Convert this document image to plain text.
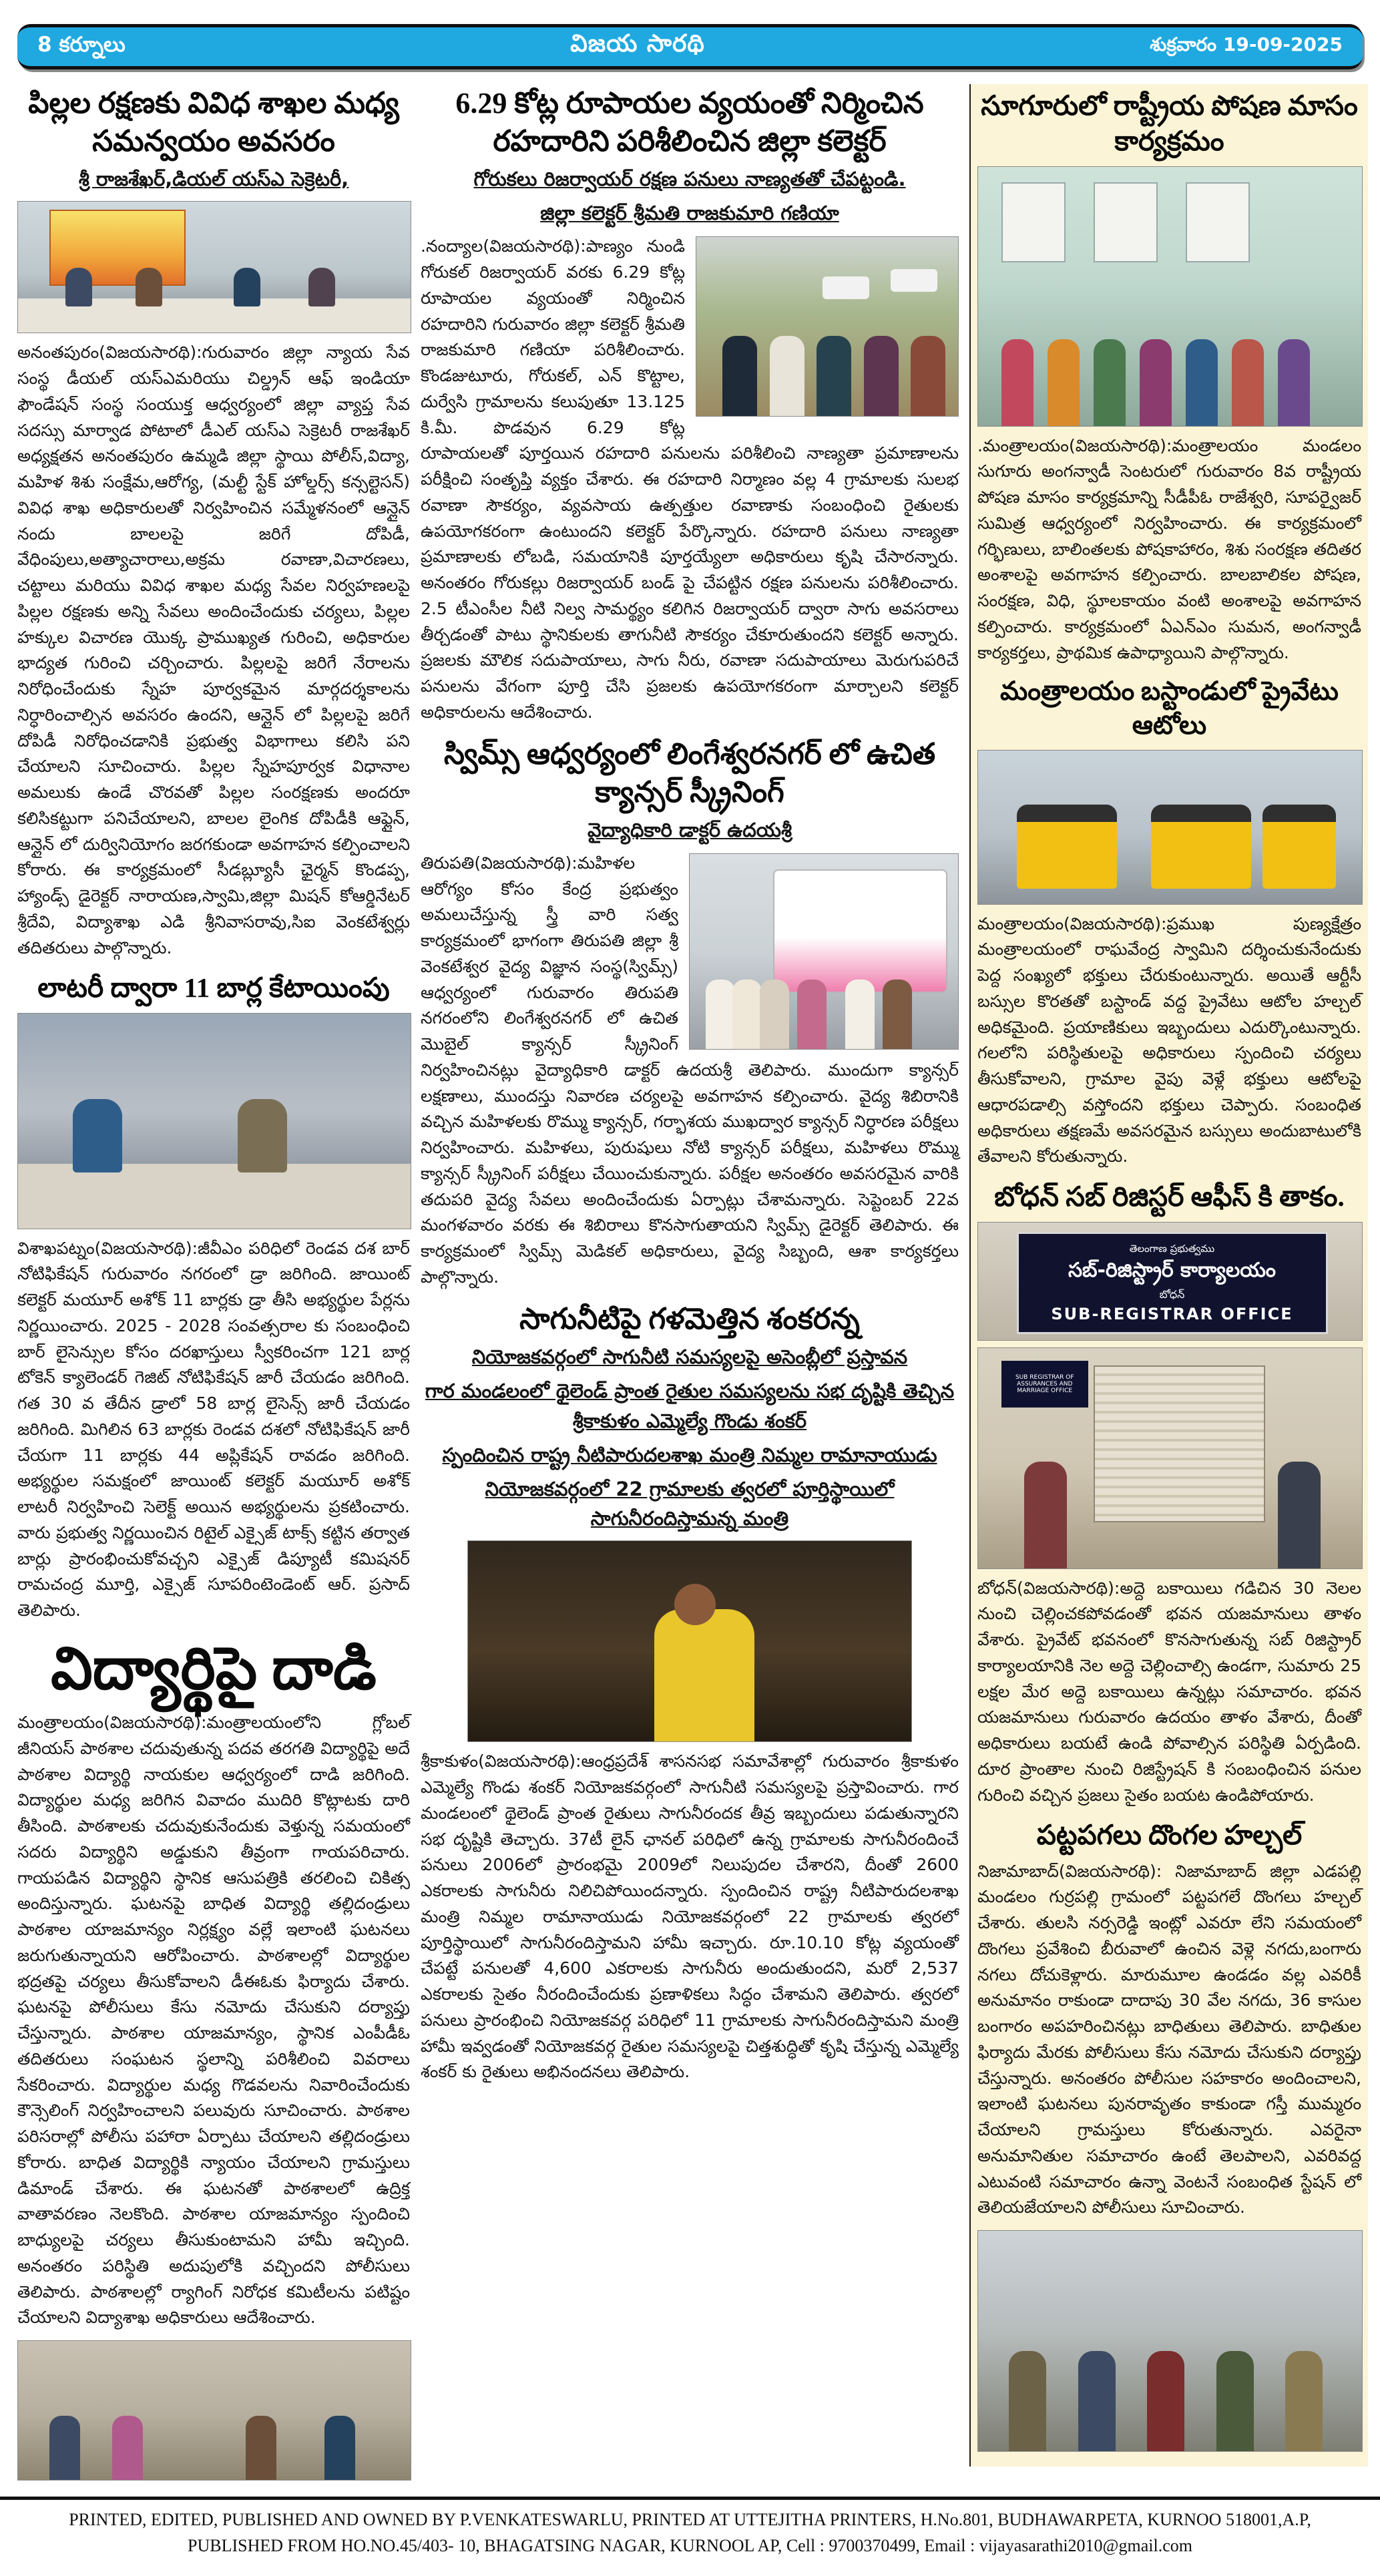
8 కర్నూలు	విజయ సారథి	శుక్రవారం 19-09-2025
పిల్లల రక్షణకు వివిధ శాఖల మధ్య సమన్వయం అవసరం
శ్రీ రాజశేఖర్,డియల్ యస్ఎ సెక్రెటరీ,
అనంతపురం(విజయసారథి):గురువారం జిల్లా న్యాయ సేవ సంస్థ డీయల్ యస్ఎమరియు చిల్డ్రన్ ఆఫ్ ఇండియా ఫౌండేషన్ సంస్థ సంయుక్త ఆధ్వర్యంలో జిల్లా వ్యాప్త సేవ సదస్సు మార్వాడ పోటాలో డీఎల్ యస్ఎ సెక్రెటరీ రాజశేఖర్ అధ్యక్షతన అనంతపురం ఉమ్మడి జిల్లా స్థాయి పోలీస్,విద్యా, మహిళ శిశు సంక్షేమ,ఆరోగ్య, (మల్టీ స్టేక్ హోల్డర్స్ కన్సల్టెసన్) వివిధ శాఖ అధికారులతో నిర్వహించిన సమ్మేళనంలో ఆన్లైన్ నందు బాలలపై జరిగే దోపిడీ, వేధింపులు,అత్యాచారాలు,అక్రమ రవాణా,విచారణలు, చట్టాలు మరియు వివిధ శాఖల మధ్య సేవల నిర్వహణలపై పిల్లల రక్షణకు అన్ని సేవలు అందించేందుకు చర్యలు, పిల్లల హక్కుల విచారణ యొక్క ప్రాముఖ్యత గురించి, అధికారుల భాద్యత గురించి చర్చించారు. పిల్లలపై జరిగే నేరాలను నిరోధించేందుకు స్నేహ పూర్వకమైన మార్గదర్శకాలను నిర్ధారించాల్సిన అవసరం ఉందని, ఆన్లైన్ లో పిల్లలపై జరిగే దోపిడీ నిరోధించడానికి ప్రభుత్వ విభాగాలు కలిసి పని చేయాలని సూచించారు. పిల్లల స్నేహపూర్వక విధానాల అమలుకు ఉండే చొరవతో పిల్లల సంరక్షణకు అందరూ కలిసికట్టుగా పనిచేయాలని, బాలల లైంగిక దోపిడీకి ఆఫ్లైన్, ఆన్లైన్ లో దుర్వినియోగం జరగకుండా అవగాహన కల్పించాలని కోరారు. ఈ కార్యక్రమంలో సీడబ్ల్యూసీ ఛైర్మన్ కొండప్ప, హ్యాండ్స్ డైరెక్టర్ నారాయణ,స్వామి,జిల్లా మిషన్ కోఆర్డినేటర్ శ్రీదేవి, విద్యాశాఖ ఎడి శ్రీనివాసరావు,సిఐ వెంకటేశ్వర్లు తదితరులు పాల్గొన్నారు.
లాటరీ ద్వారా 11 బార్ల కేటాయింపు
విశాఖపట్నం(విజయసారథి):జీవీఎం పరిధిలో రెండవ దశ బార్ నోటిఫికేషన్ గురువారం నగరంలో డ్రా జరిగింది. జాయింట్ కలెక్టర్ మయూర్ అశోక్ 11 బార్లకు డ్రా తీసి అభ్యర్థుల పేర్లను నిర్ణయించారు. 2025 - 2028 సంవత్సరాల కు సంబంధించి బార్ లైసెన్సుల కోసం దరఖాస్తులు స్వీకరించగా 121 బార్ల టోకెన్ క్యాలెండర్ గెజిట్ నోటిఫికేషన్ జారీ చేయడం జరిగింది. గత 30 వ తేదీన డ్రాలో 58 బార్ల లైసెన్స్ జారీ చేయడం జరిగింది. మిగిలిన 63 బార్లకు రెండవ దశలో నోటిఫికేషన్ జారీ చేయగా 11 బార్లకు 44 అప్లికేషన్ రావడం జరిగింది. అభ్యర్థుల సమక్షంలో జాయింట్ కలెక్టర్ మయూర్ అశోక్ లాటరీ నిర్వహించి సెలెక్ట్ అయిన అభ్యర్థులను ప్రకటించారు. వారు ప్రభుత్వ నిర్ణయించిన రిటైల్ ఎక్సైజ్ టాక్స్ కట్టిన తర్వాత బార్లు ప్రారంభించుకోవచ్చని ఎక్సైజ్ డిప్యూటీ కమిషనర్ రామచంద్ర మూర్తి, ఎక్సైజ్ సూపరింటెండెంట్ ఆర్. ప్రసాద్ తెలిపారు.
విద్యార్థిపై దాడి
మంత్రాలయం(విజయసారథి):మంత్రాలయంలోని గ్లోబల్ జీనియస్ పాఠశాల చదువుతున్న పదవ తరగతి విద్యార్థిపై అదే పాఠశాల విద్యార్థి నాయకుల ఆధ్వర్యంలో దాడి జరిగింది. విద్యార్థుల మధ్య జరిగిన వివాదం ముదిరి కొట్లాటకు దారి తీసింది. పాఠశాలకు చదువుకునేందుకు వెళ్తున్న సమయంలో సదరు విద్యార్థిని అడ్డుకుని తీవ్రంగా గాయపరిచారు. గాయపడిన విద్యార్థిని స్థానిక ఆసుపత్రికి తరలించి చికిత్స అందిస్తున్నారు. ఘటనపై బాధిత విద్యార్థి తల్లిదండ్రులు పాఠశాల యాజమాన్యం నిర్లక్ష్యం వల్లే ఇలాంటి ఘటనలు జరుగుతున్నాయని ఆరోపించారు. పాఠశాలల్లో విద్యార్థుల భద్రతపై చర్యలు తీసుకోవాలని డీఈఓకు ఫిర్యాదు చేశారు. ఘటనపై పోలీసులు కేసు నమోదు చేసుకుని దర్యాప్తు చేస్తున్నారు. పాఠశాల యాజమాన్యం, స్థానిక ఎంపీడీఓ తదితరులు సంఘటన స్థలాన్ని పరిశీలించి వివరాలు సేకరించారు. విద్యార్థుల మధ్య గొడవలను నివారించేందుకు కౌన్సెలింగ్ నిర్వహించాలని పలువురు సూచించారు. పాఠశాల పరిసరాల్లో పోలీసు పహారా ఏర్పాటు చేయాలని తల్లిదండ్రులు కోరారు. బాధిత విద్యార్థికి న్యాయం చేయాలని గ్రామస్తులు డిమాండ్ చేశారు. ఈ ఘటనతో పాఠశాలలో ఉద్రిక్త వాతావరణం నెలకొంది. పాఠశాల యాజమాన్యం స్పందించి బాధ్యులపై చర్యలు తీసుకుంటామని హామీ ఇచ్చింది. అనంతరం పరిస్థితి అదుపులోకి వచ్చిందని పోలీసులు తెలిపారు. పాఠశాలల్లో ర్యాగింగ్ నిరోధక కమిటీలను పటిష్టం చేయాలని విద్యాశాఖ అధికారులు ఆదేశించారు.
6.29 కోట్ల రూపాయల వ్యయంతో నిర్మించిన రహదారిని పరిశీలించిన జిల్లా కలెక్టర్
గోరుకలు రిజర్వాయర్ రక్షణ పనులు నాణ్యతతో చేపట్టండి.
జిల్లా కలెక్టర్ శ్రీమతి రాజకుమారి గణియా
.నంద్యాల(విజయసారథి):పాణ్యం నుండి గోరుకల్ రిజర్వాయర్ వరకు 6.29 కోట్ల రూపాయల వ్యయంతో నిర్మించిన రహదారిని గురువారం జిల్లా కలెక్టర్ శ్రీమతి రాజకుమారి గణియా పరిశీలించారు. కొండజుటూరు, గోరుకల్, ఎన్ కొట్టాల, దుర్వేసి గ్రామాలను కలుపుతూ 13.125 కి.మీ. పొడవున 6.29 కోట్ల రూపాయలతో పూర్తయిన రహదారి పనులను పరిశీలించి నాణ్యతా ప్రమాణాలను పరీక్షించి సంతృప్తి వ్యక్తం చేశారు. ఈ రహదారి నిర్మాణం వల్ల 4 గ్రామాలకు సులభ రవాణా సౌకర్యం, వ్యవసాయ ఉత్పత్తుల రవాణాకు సంబంధించి రైతులకు ఉపయోగకరంగా ఉంటుందని కలెక్టర్ పేర్కొన్నారు. రహదారి పనులు నాణ్యతా ప్రమాణాలకు లోబడి, సమయానికి పూర్తయ్యేలా అధికారులు కృషి చేసారన్నారు. అనంతరం గోరుకల్లు రిజర్వాయర్ బండ్ పై చేపట్టిన రక్షణ పనులను పరిశీలించారు. 2.5 టీఎంసీల నీటి నిల్వ సామర్థ్యం కలిగిన రిజర్వాయర్ ద్వారా సాగు అవసరాలు తీర్చడంతో పాటు స్థానికులకు తాగునీటి సౌకర్యం చేకూరుతుందని కలెక్టర్ అన్నారు. ప్రజలకు మౌలిక సదుపాయాలు, సాగు నీరు, రవాణా సదుపాయాలు మెరుగుపరిచే పనులను వేగంగా పూర్తి చేసి ప్రజలకు ఉపయోగకరంగా మార్చాలని కలెక్టర్ అధికారులను ఆదేశించారు.
స్విమ్స్ ఆధ్వర్యంలో లింగేశ్వరనగర్ లో ఉచిత క్యాన్సర్ స్క్రీనింగ్
వైద్యాధికారి డాక్టర్ ఉదయశ్రీ
తిరుపతి(విజయసారథి):మహిళల ఆరోగ్యం కోసం కేంద్ర ప్రభుత్వం అమలుచేస్తున్న స్త్రీ వారి సత్వ కార్యక్రమంలో భాగంగా తిరుపతి జిల్లా శ్రీ వెంకటేశ్వర వైద్య విజ్ఞాన సంస్థ(స్విమ్స్) ఆధ్వర్యంలో గురువారం తిరుపతి నగరంలోని లింగేశ్వరనగర్ లో ఉచిత మొబైల్ క్యాన్సర్ స్క్రీనింగ్ నిర్వహించినట్లు వైద్యాధికారి డాక్టర్ ఉదయశ్రీ తెలిపారు. ముందుగా క్యాన్సర్ లక్షణాలు, ముందస్తు నివారణ చర్యలపై అవగాహన కల్పించారు. వైద్య శిబిరానికి వచ్చిన మహిళలకు రొమ్ము క్యాన్సర్, గర్భాశయ ముఖద్వార క్యాన్సర్ నిర్ధారణ పరీక్షలు నిర్వహించారు. మహిళలు, పురుషులు నోటి క్యాన్సర్ పరీక్షలు, మహిళలు రొమ్ము క్యాన్సర్ స్క్రీనింగ్ పరీక్షలు చేయించుకున్నారు. పరీక్షల అనంతరం అవసరమైన వారికి తదుపరి వైద్య సేవలు అందించేందుకు ఏర్పాట్లు చేశామన్నారు. సెప్టెంబర్ 22వ మంగళవారం వరకు ఈ శిబిరాలు కొనసాగుతాయని స్విమ్స్ డైరెక్టర్ తెలిపారు. ఈ కార్యక్రమంలో స్విమ్స్ మెడికల్ అధికారులు, వైద్య సిబ్బంది, ఆశా కార్యకర్తలు పాల్గొన్నారు.
సాగునీటిపై గళమెత్తిన శంకరన్న
నియోజకవర్గంలో సాగునీటి సమస్యలపై అసెంబ్లీలో ప్రస్తావన
గార మండలంలో థైలెండ్ ప్రాంత రైతుల సమస్యలను సభ దృష్టికి తెచ్చిన శ్రీకాకుళం ఎమ్మెల్యే గొండు శంకర్
స్పందించిన రాష్ట్ర నీటిపారుదలశాఖ మంత్రి నిమ్మల రామానాయుడు
నియోజకవర్గంలో 22 గ్రామాలకు త్వరలో పూర్తిస్థాయిలో సాగునీరందిస్తామన్న మంత్రి
శ్రీకాకుళం(విజయసారథి):ఆంధ్రప్రదేశ్ శాసనసభ సమావేశాల్లో గురువారం శ్రీకాకుళం ఎమ్మెల్యే గొండు శంకర్ నియోజకవర్గంలో సాగునీటి సమస్యలపై ప్రస్తావించారు. గార మండలంలో థైలెండ్ ప్రాంత రైతులు సాగునీరందక తీవ్ర ఇబ్బందులు పడుతున్నారని సభ దృష్టికి తెచ్చారు. 37టీ లైన్ ఛానల్ పరిధిలో ఉన్న గ్రామాలకు సాగునీరందించే పనులు 2006లో ప్రారంభమై 2009లో నిలుపుదల చేశారని, దీంతో 2600 ఎకరాలకు సాగునీరు నిలిచిపోయిందన్నారు. స్పందించిన రాష్ట్ర నీటిపారుదలశాఖ మంత్రి నిమ్మల రామానాయుడు నియోజకవర్గంలో 22 గ్రామాలకు త్వరలో పూర్తిస్థాయిలో సాగునీరందిస్తామని హామీ ఇచ్చారు. రూ.10.10 కోట్ల వ్యయంతో చేపట్టే పనులతో 4,600 ఎకరాలకు సాగునీరు అందుతుందని, మరో 2,537 ఎకరాలకు సైతం నీరందించేందుకు ప్రణాళికలు సిద్ధం చేశామని తెలిపారు. త్వరలో పనులు ప్రారంభించి నియోజకవర్గ పరిధిలో 11 గ్రామాలకు సాగునీరందిస్తామని మంత్రి హామీ ఇవ్వడంతో నియోజకవర్గ రైతుల సమస్యలపై చిత్తశుద్ధితో కృషి చేస్తున్న ఎమ్మెల్యే శంకర్ కు రైతులు అభినందనలు తెలిపారు.
సూగూరులో రాష్ట్రీయ పోషణ మాసం కార్యక్రమం
.మంత్రాలయం(విజయసారథి):మంత్రాలయం మండలం సుగూరు అంగన్వాడీ సెంటరులో గురువారం 8వ రాష్ట్రీయ పోషణ మాసం కార్యక్రమాన్ని సీడీపీఓ రాజేశ్వరి, సూపర్వైజర్ సుమిత్ర ఆధ్వర్యంలో నిర్వహించారు. ఈ కార్యక్రమంలో గర్భిణులు, బాలింతలకు పోషకాహారం, శిశు సంరక్షణ తదితర అంశాలపై అవగాహన కల్పించారు. బాలబాలికల పోషణ, సంరక్షణ, విధి, స్థూలకాయం వంటి అంశాలపై అవగాహన కల్పించారు. కార్యక్రమంలో ఏఎన్ఎం సుమన, అంగన్వాడీ కార్యకర్తలు, ప్రాథమిక ఉపాధ్యాయిని పాల్గొన్నారు.
మంత్రాలయం బస్టాండులో ప్రైవేటు ఆటోలు
మంత్రాలయం(విజయసారథి):ప్రముఖ పుణ్యక్షేత్రం మంత్రాలయంలో రాఘవేంద్ర స్వామిని దర్శించుకునేందుకు పెద్ద సంఖ్యలో భక్తులు చేరుకుంటున్నారు. అయితే ఆర్టీసీ బస్సుల కొరతతో బస్టాండ్ వద్ద ప్రైవేటు ఆటోల హల్చల్ అధికమైంది. ప్రయాణికులు ఇబ్బందులు ఎదుర్కొంటున్నారు. గలలోని పరిస్థితులపై అధికారులు స్పందించి చర్యలు తీసుకోవాలని, గ్రామాల వైపు వెళ్లే భక్తులు ఆటోలపై ఆధారపడాల్సి వస్తోందని భక్తులు చెప్పారు. సంబంధిత అధికారులు తక్షణమే అవసరమైన బస్సులు అందుబాటులోకి తేవాలని కోరుతున్నారు.
బోధన్ సబ్ రిజిస్టర్ ఆఫీస్ కి తాకం.
తెలంగాణ ప్రభుత్వము
సబ్-రిజిస్ట్రార్ కార్యాలయం
బోధన్
SUB-REGISTRAR OFFICE
SUB REGISTRAR OF ASSURANCES AND MARRIAGE OFFICE
బోధన్(విజయసారథి):అద్దె బకాయిలు గడిచిన 30 నెలల నుంచి చెల్లించకపోవడంతో భవన యజమానులు తాళం వేశారు. ప్రైవేట్ భవనంలో కొనసాగుతున్న సబ్ రిజిస్ట్రార్ కార్యాలయానికి నెల అద్దె చెల్లించాల్సి ఉండగా, సుమారు 25 లక్షల మేర అద్దె బకాయిలు ఉన్నట్లు సమాచారం. భవన యజమానులు గురువారం ఉదయం తాళం వేశారు, దీంతో అధికారులు బయటే ఉండి పోవాల్సిన పరిస్థితి ఏర్పడింది. దూర ప్రాంతాల నుంచి రిజిస్ట్రేషన్ కి సంబంధించిన పనుల గురించి వచ్చిన ప్రజలు సైతం బయట ఉండిపోయారు.
పట్టపగలు దొంగల హల్చల్
నిజామాబాద్(విజయసారథి): నిజామాబాద్ జిల్లా ఎడపల్లి మండలం గుర్రపల్లి గ్రామంలో పట్టపగలే దొంగలు హల్చల్ చేశారు. తులసి నర్సరెడ్డి ఇంట్లో ఎవరూ లేని సమయంలో దొంగలు ప్రవేశించి బీరువాలో ఉంచిన వెళ్లె నగదు,బంగారు నగలు దోచుకెళ్లారు. మారుమూల ఉండడం వల్ల ఎవరికీ అనుమానం రాకుండా దాదాపు 30 వేల నగదు, 36 కాసుల బంగారం అపహరించినట్లు బాధితులు తెలిపారు. బాధితుల ఫిర్యాదు మేరకు పోలీసులు కేసు నమోదు చేసుకుని దర్యాప్తు చేస్తున్నారు. అనంతరం పోలీసుల సహకారం అందించాలని, ఇలాంటి ఘటనలు పునరావృతం కాకుండా గస్తీ ముమ్మరం చేయాలని గ్రామస్తులు కోరుతున్నారు. ఎవరైనా అనుమానితుల సమాచారం ఉంటే తెలపాలని, ఎవరివద్ద ఎటువంటి సమాచారం ఉన్నా వెంటనే సంబంధిత స్టేషన్ లో తెలియజేయాలని పోలీసులు సూచించారు.
PRINTED, EDITED, PUBLISHED AND OWNED BY P.VENKATESWARLU, PRINTED AT UTTEJITHA PRINTERS, H.No.801, BUDHAWARPETA, KURNOO 518001,A.P,
PUBLISHED FROM HO.NO.45/403- 10, BHAGATSING NAGAR, KURNOOL AP, Cell : 9700370499, Email : vijayasarathi2010@gmail.com
